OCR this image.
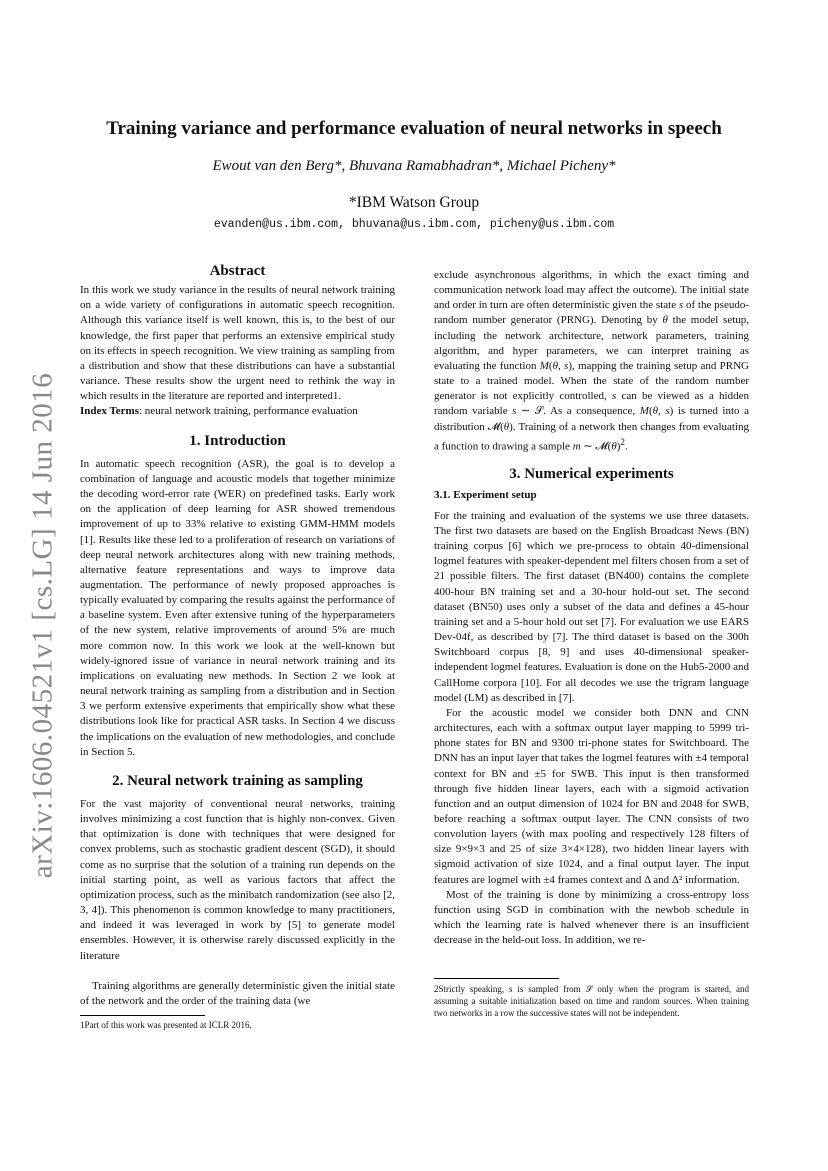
arXiv:1606.04521v1 [cs.LG] 14 Jun 2016
Training variance and performance evaluation of neural networks in speech
Ewout van den Berg*, Bhuvana Ramabhadran*, Michael Picheny*
*IBM Watson Group
evanden@us.ibm.com, bhuvana@us.ibm.com, picheny@us.ibm.com
Abstract

In this work we study variance in the results of neural network training on a wide variety of configurations in automatic speech recognition. Although this variance itself is well known, this is, to the best of our knowledge, the first paper that performs an extensive empirical study on its effects in speech recognition. We view training as sampling from a distribution and show that these distributions can have a substantial variance. These results show the urgent need to rethink the way in which results in the literature are reported and interpreted1.

Index Terms: neural network training, performance evaluation

1. Introduction

In automatic speech recognition (ASR), the goal is to develop a combination of language and acoustic models that together minimize the decoding word-error rate (WER) on predefined tasks. Early work on the application of deep learning for ASR showed tremendous improvement of up to 33% relative to existing GMM-HMM models [1]. Results like these led to a proliferation of research on variations of deep neural network architectures along with new training methods, alternative feature representations and ways to improve data augmentation. The performance of newly proposed approaches is typically evaluated by comparing the results against the performance of a baseline system. Even after extensive tuning of the hyperparameters of the new system, relative improvements of around 5% are much more common now. In this work we look at the well-known but widely-ignored issue of variance in neural network training and its implications on evaluating new methods. In Section 2 we look at neural network training as sampling from a distribution and in Section 3 we perform extensive experiments that empirically show what these distributions look like for practical ASR tasks. In Section 4 we discuss the implications on the evaluation of new methodologies, and conclude in Section 5.

2. Neural network training as sampling

For the vast majority of conventional neural networks, training involves minimizing a cost function that is highly non-convex. Given that optimization is done with techniques that were designed for convex problems, such as stochastic gradient descent (SGD), it should come as no surprise that the solution of a training run depends on the initial starting point, as well as various factors that affect the optimization process, such as the minibatch randomization (see also [2, 3, 4]). This phenomenon is common knowledge to many practitioners, and indeed it was leveraged in work by [5] to generate model ensembles. However, it is otherwise rarely discussed explicitly in the literature

Training algorithms are generally deterministic given the initial state of the network and the order of the training data (we

1Part of this work was presented at ICLR 2016.

exclude asynchronous algorithms, in which the exact timing and communication network load may affect the outcome). The initial state and order in turn are often deterministic given the state s of the pseudo-random number generator (PRNG). Denoting by θ the model setup, including the network architecture, network parameters, training algorithm, and hyper parameters, we can interpret training as evaluating the function M(θ, s), mapping the training setup and PRNG state to a trained model. When the state of the random number generator is not explicitly controlled, s can be viewed as a hidden random variable s ∼ 𝒮. As a consequence, M(θ, s) is turned into a distribution 𝓜(θ). Training of a network then changes from evaluating a function to drawing a sample m ∼ $𝓜(\theta)^2$.

3. Numerical experiments
3.1. Experiment setup

For the training and evaluation of the systems we use three datasets. The first two datasets are based on the English Broadcast News (BN) training corpus [6] which we pre-process to obtain 40-dimensional logmel features with speaker-dependent mel filters chosen from a set of 21 possible filters. The first dataset (BN400) contains the complete 400-hour BN training set and a 30-hour hold-out set. The second dataset (BN50) uses only a subset of the data and defines a 45-hour training set and a 5-hour hold out set [7]. For evaluation we use EARS Dev-04f, as described by [7]. The third dataset is based on the 300h Switchboard corpus [8, 9] and uses 40-dimensional speaker-independent logmel features. Evaluation is done on the Hub5-2000 and CallHome corpora [10]. For all decodes we use the trigram language model (LM) as described in [7].

For the acoustic model we consider both DNN and CNN architectures, each with a softmax output layer mapping to 5999 tri-phone states for BN and 9300 tri-phone states for Switchboard. The DNN has an input layer that takes the logmel features with ±4 temporal context for BN and ±5 for SWB. This input is then transformed through five hidden linear layers, each with a sigmoid activation function and an output dimension of 1024 for BN and 2048 for SWB, before reaching a softmax output layer. The CNN consists of two convolution layers (with max pooling and respectively 128 filters of size 9×9×3 and 25 of size 3×4×128), two hidden linear layers with sigmoid activation of size 1024, and a final output layer. The input features are logmel with ±4 frames context and Δ and Δ² information.

Most of the training is done by minimizing a cross-entropy loss function using SGD in combination with the newbob schedule in which the learning rate is halved whenever there is an insufficient decrease in the held-out loss. In addition, we re-

2Strictly speaking, s is sampled from 𝒮 only when the program is started, and assuming a suitable initialization based on time and random sources. When training two networks in a row the successive states will not be independent.
